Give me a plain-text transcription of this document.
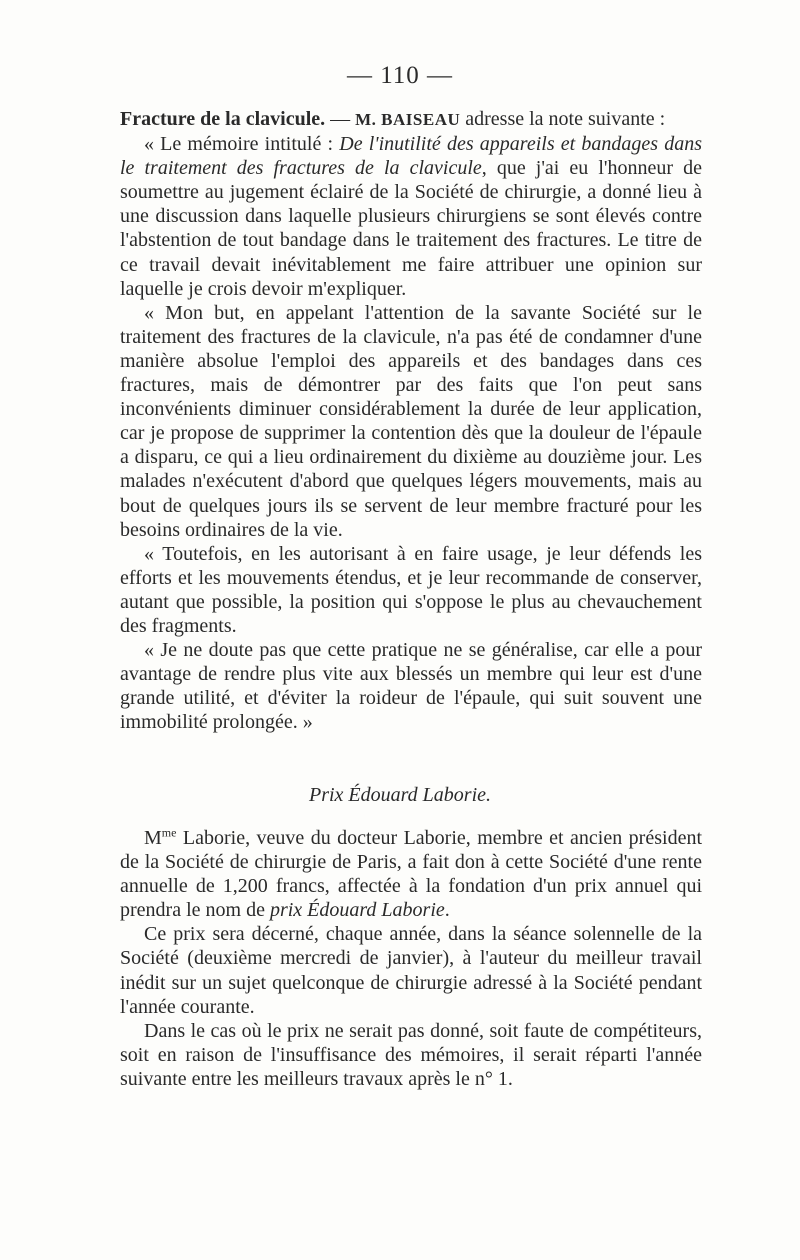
— 110 —

Fracture de la clavicule. — M. BAISEAU adresse la note suivante :

« Le mémoire intitulé : De l'inutilité des appareils et bandages dans le traitement des fractures de la clavicule, que j'ai eu l'honneur de soumettre au jugement éclairé de la Société de chirurgie, a donné lieu à une discussion dans laquelle plusieurs chirurgiens se sont élevés contre l'abstention de tout bandage dans le traitement des fractures. Le titre de ce travail devait inévitablement me faire attribuer une opinion sur laquelle je crois devoir m'expliquer.

« Mon but, en appelant l'attention de la savante Société sur le traitement des fractures de la clavicule, n'a pas été de condamner d'une manière absolue l'emploi des appareils et des bandages dans ces fractures, mais de démontrer par des faits que l'on peut sans inconvénients diminuer considérablement la durée de leur application, car je propose de supprimer la contention dès que la douleur de l'épaule a disparu, ce qui a lieu ordinairement du dixième au douzième jour. Les malades n'exécutent d'abord que quelques légers mouvements, mais au bout de quelques jours ils se servent de leur membre fracturé pour les besoins ordinaires de la vie.

« Toutefois, en les autorisant à en faire usage, je leur défends les efforts et les mouvements étendus, et je leur recommande de conserver, autant que possible, la position qui s'oppose le plus au chevauchement des fragments.

« Je ne doute pas que cette pratique ne se généralise, car elle a pour avantage de rendre plus vite aux blessés un membre qui leur est d'une grande utilité, et d'éviter la roideur de l'épaule, qui suit souvent une immobilité prolongée. »

Prix Édouard Laborie.

$M^{me}$ Laborie, veuve du docteur Laborie, membre et ancien président de la Société de chirurgie de Paris, a fait don à cette Société d'une rente annuelle de 1,200 francs, affectée à la fondation d'un prix annuel qui prendra le nom de prix Édouard Laborie.

Ce prix sera décerné, chaque année, dans la séance solennelle de la Société (deuxième mercredi de janvier), à l'auteur du meilleur travail inédit sur un sujet quelconque de chirurgie adressé à la Société pendant l'année courante.

Dans le cas où le prix ne serait pas donné, soit faute de compétiteurs, soit en raison de l'insuffisance des mémoires, il serait réparti l'année suivante entre les meilleurs travaux après le n° 1.
